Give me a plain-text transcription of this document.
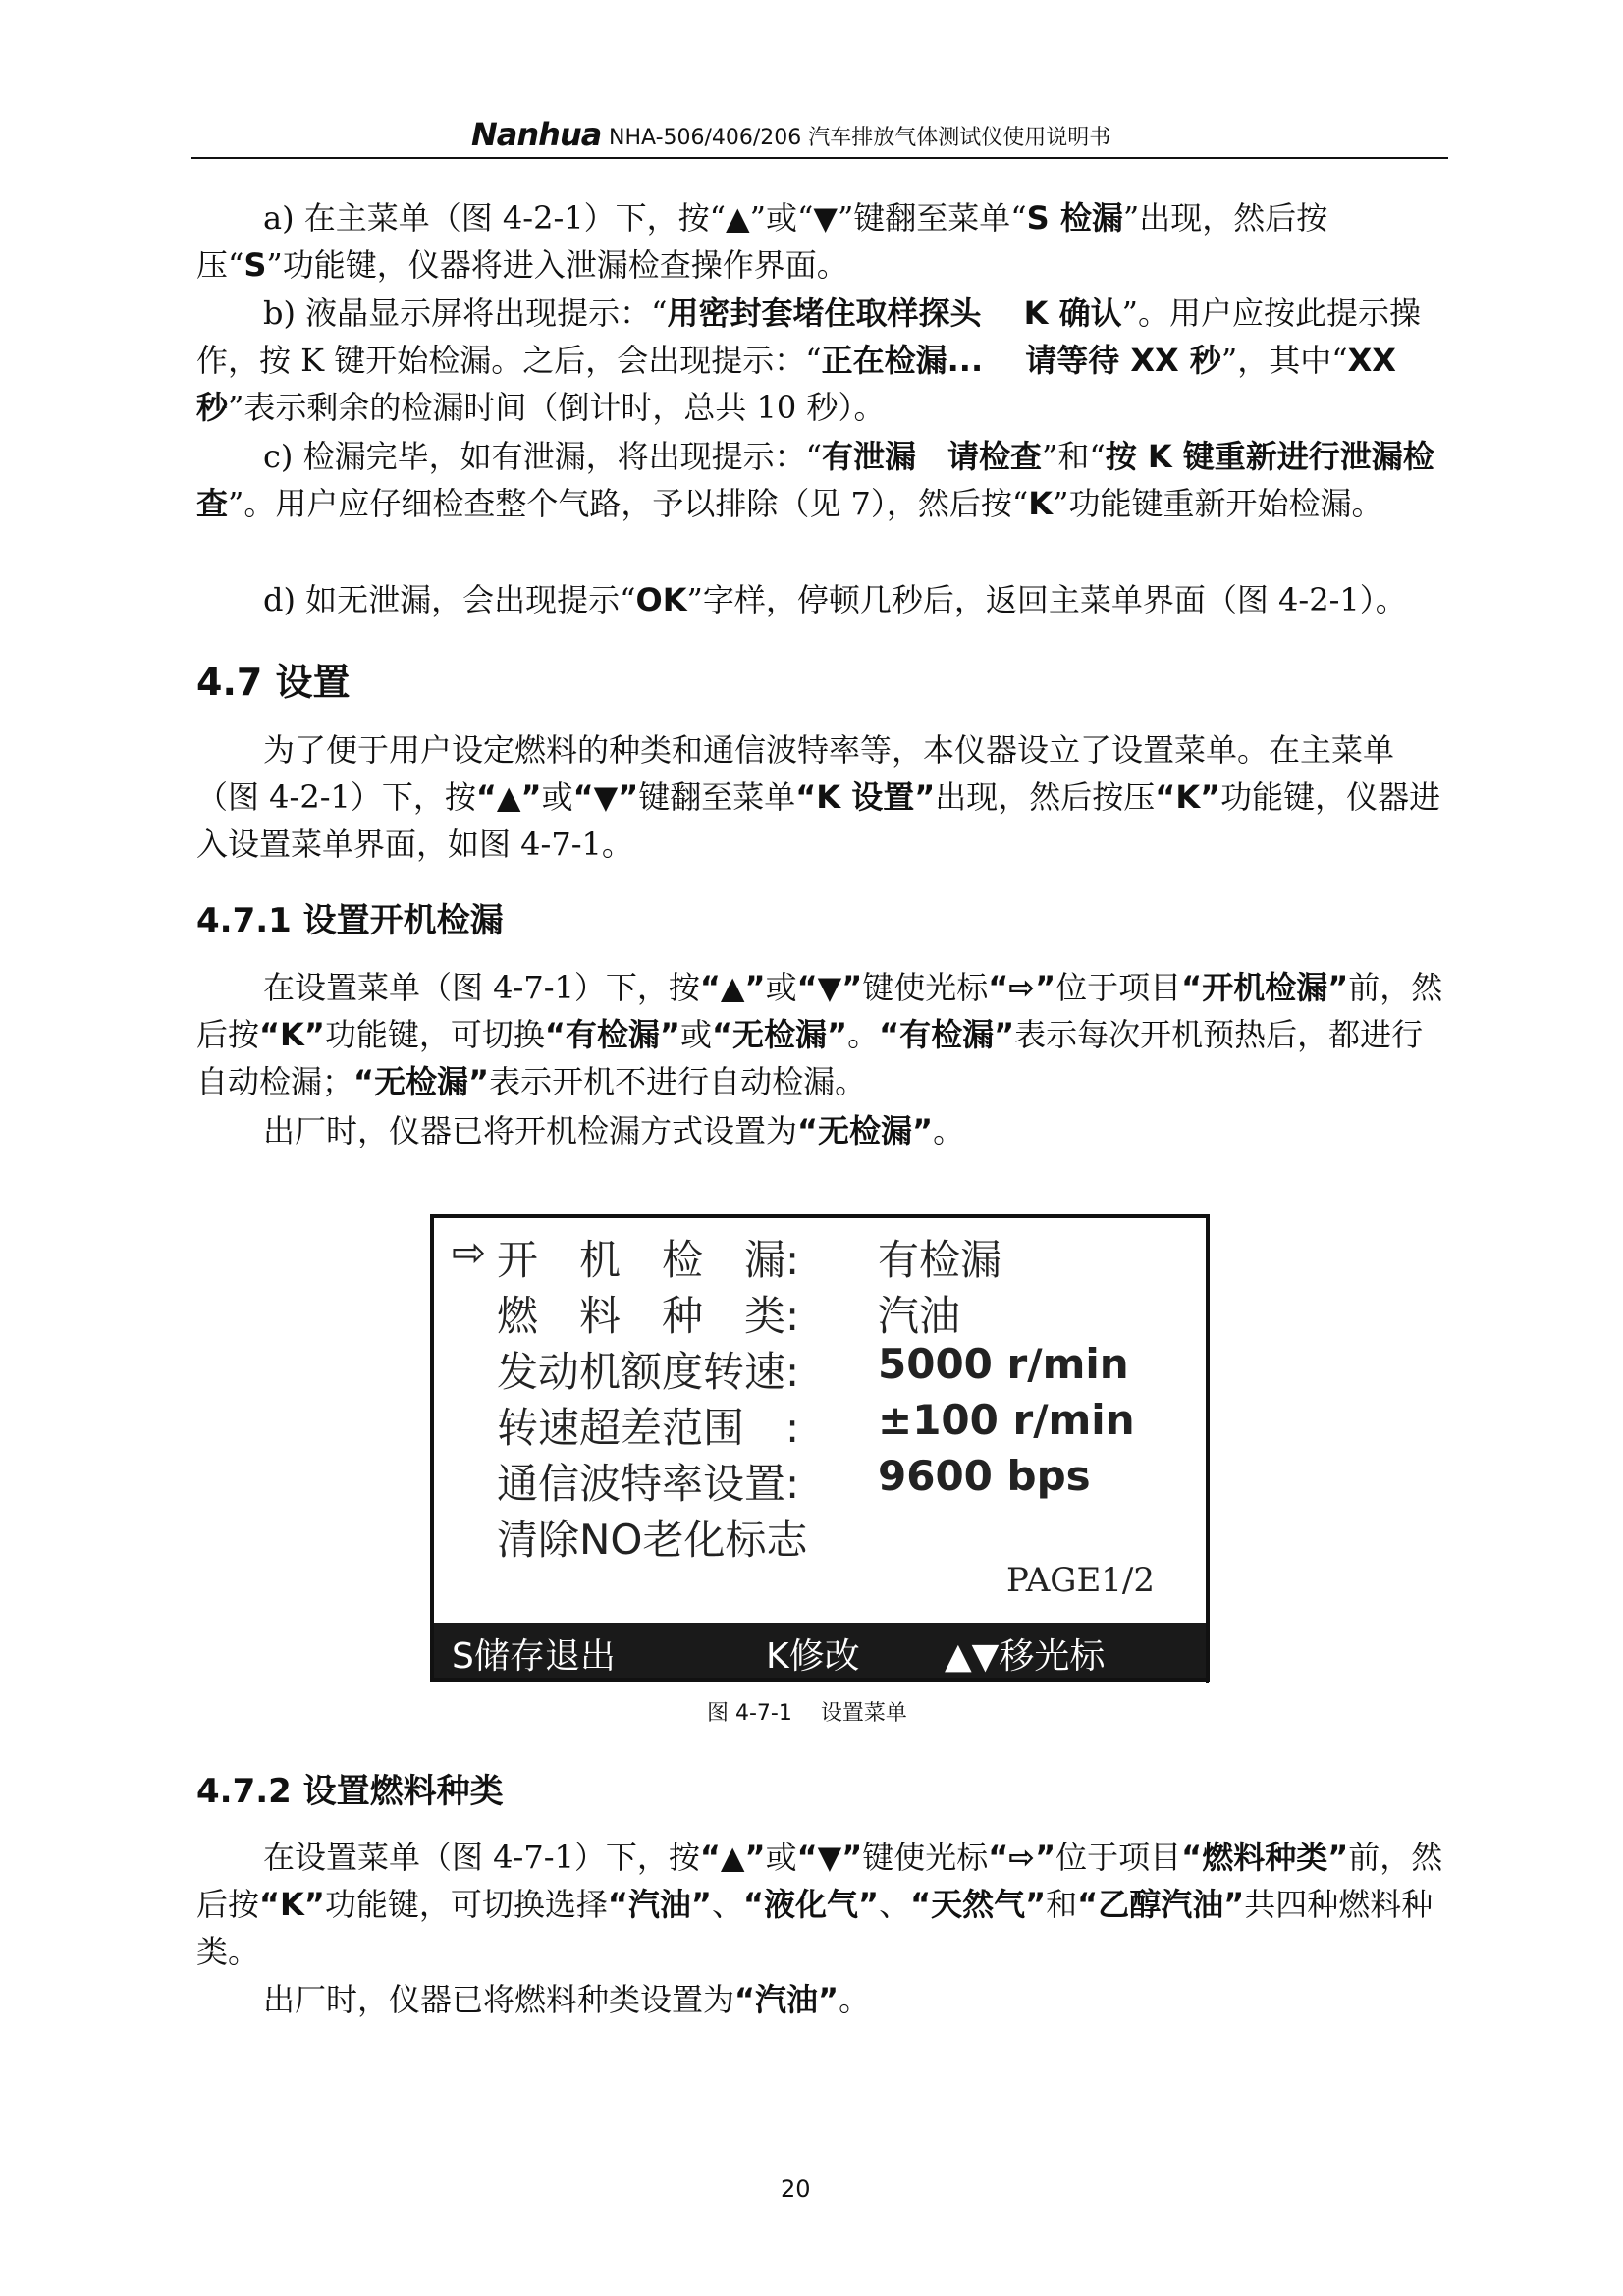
Nanhua NHA-506/406/206 汽车排放气体测试仪使用说明书

a) 在主菜单（图 4-2-1）下，按“▲”或“▼”键翻至菜单“S 检漏”出现，然后按压“S”功能键，仪器将进入泄漏检查操作界面。

b) 液晶显示屏将出现提示：“用密封套堵住取样探头　 K 确认”。用户应按此提示操作，按 K 键开始检漏。之后，会出现提示：“正在检漏...　 请等待 XX 秒”，其中“XX 秒”表示剩余的检漏时间（倒计时，总共 10 秒）。

c) 检漏完毕，如有泄漏，将出现提示：“有泄漏　请检查”和“按 K 键重新进行泄漏检查”。用户应仔细检查整个气路，予以排除（见 7），然后按“K”功能键重新开始检漏。

d) 如无泄漏，会出现提示“OK”字样，停顿几秒后，返回主菜单界面（图 4-2-1）。

4.7 设置

为了便于用户设定燃料的种类和通信波特率等，本仪器设立了设置菜单。在主菜单（图 4-2-1）下，按“▲”或“▼”键翻至菜单“K 设置”出现，然后按压“K”功能键，仪器进入设置菜单界面，如图 4-7-1。

4.7.1 设置开机检漏

在设置菜单（图 4-7-1）下，按“▲”或“▼”键使光标“⇨”位于项目“开机检漏”前，然后按“K”功能键，可切换“有检漏”或“无检漏”。“有检漏”表示每次开机预热后，都进行自动检漏；“无检漏”表示开机不进行自动检漏。

出厂时，仪器已将开机检漏方式设置为“无检漏”。

⇨ 开　机　检　漏: 有检漏
燃　料　种　类: 汽油
发动机额度转速: 5000 r/min
转速超差范围　: ±100 r/min
通信波特率设置: 9600 bps
清除NO老化标志
PAGE1/2
S储存退出	K修改 ▲▼移光标
图 4-7-1　 设置菜单
4.7.2 设置燃料种类

在设置菜单（图 4-7-1）下，按“▲”或“▼”键使光标“⇨”位于项目“燃料种类”前，然后按“K”功能键，可切换选择“汽油”、“液化气”、“天然气”和“乙醇汽油”共四种燃料种类。

出厂时，仪器已将燃料种类设置为“汽油”。

20
